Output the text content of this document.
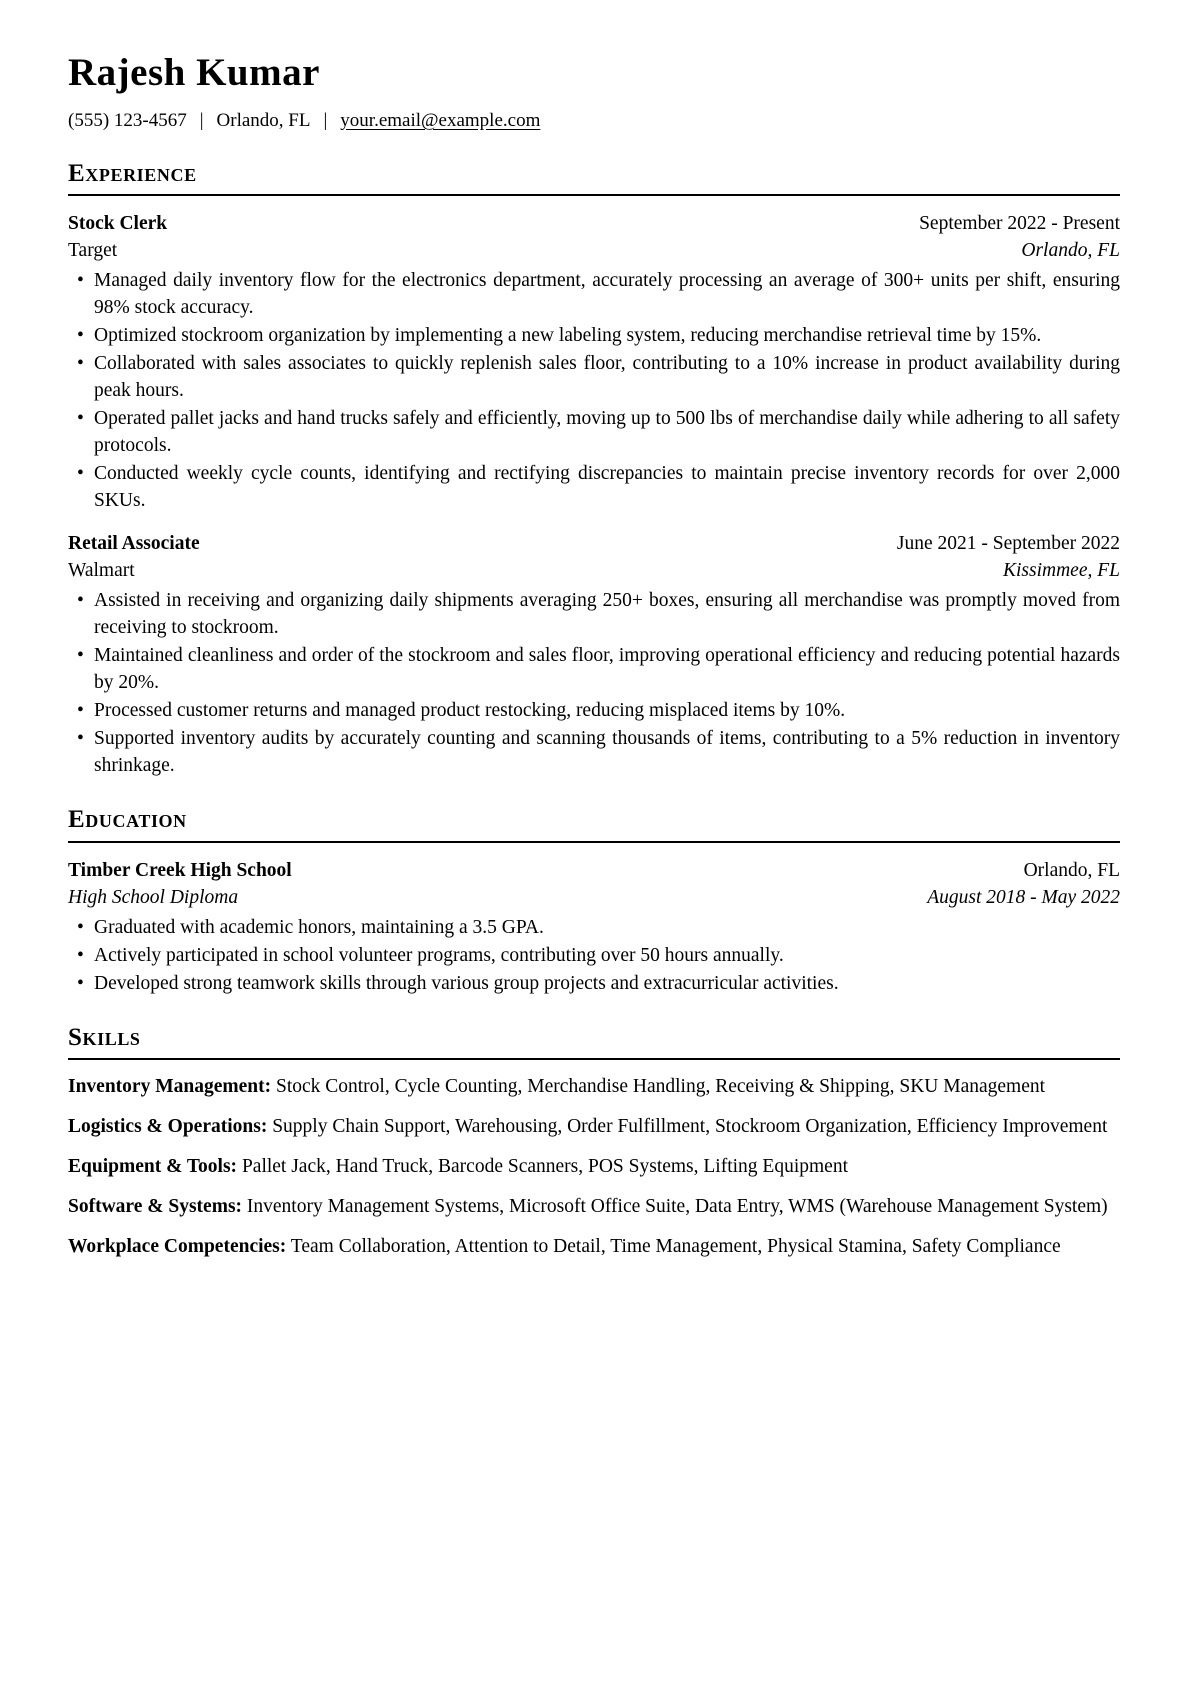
Rajesh Kumar
(555) 123-4567 | Orlando, FL | your.email@example.com
Experience
Stock Clerk	September 2022 - Present
Target	Orlando, FL
• Managed daily inventory flow for the electronics department, accurately processing an average of 300+ units per shift, ensuring 98% stock accuracy.
• Optimized stockroom organization by implementing a new labeling system, reducing merchandise retrieval time by 15%.
• Collaborated with sales associates to quickly replenish sales floor, contributing to a 10% increase in product availability during peak hours.
• Operated pallet jacks and hand trucks safely and efficiently, moving up to 500 lbs of merchandise daily while adhering to all safety protocols.
• Conducted weekly cycle counts, identifying and rectifying discrepancies to maintain precise inventory records for over 2,000 SKUs.
Retail Associate	June 2021 - September 2022
Walmart	Kissimmee, FL
• Assisted in receiving and organizing daily shipments averaging 250+ boxes, ensuring all merchandise was promptly moved from receiving to stockroom.
• Maintained cleanliness and order of the stockroom and sales floor, improving operational efficiency and reducing potential hazards by 20%.
• Processed customer returns and managed product restocking, reducing misplaced items by 10%.
• Supported inventory audits by accurately counting and scanning thousands of items, contributing to a 5% reduction in inventory shrinkage.
Education
Timber Creek High School	Orlando, FL
High School Diploma	August 2018 - May 2022
• Graduated with academic honors, maintaining a 3.5 GPA.
• Actively participated in school volunteer programs, contributing over 50 hours annually.
• Developed strong teamwork skills through various group projects and extracurricular activities.
Skills

Inventory Management: Stock Control, Cycle Counting, Merchandise Handling, Receiving & Shipping, SKU Management

Logistics & Operations: Supply Chain Support, Warehousing, Order Fulfillment, Stockroom Organization, Efficiency Improvement

Equipment & Tools: Pallet Jack, Hand Truck, Barcode Scanners, POS Systems, Lifting Equipment

Software & Systems: Inventory Management Systems, Microsoft Office Suite, Data Entry, WMS (Warehouse Management System)

Workplace Competencies: Team Collaboration, Attention to Detail, Time Management, Physical Stamina, Safety Compliance
